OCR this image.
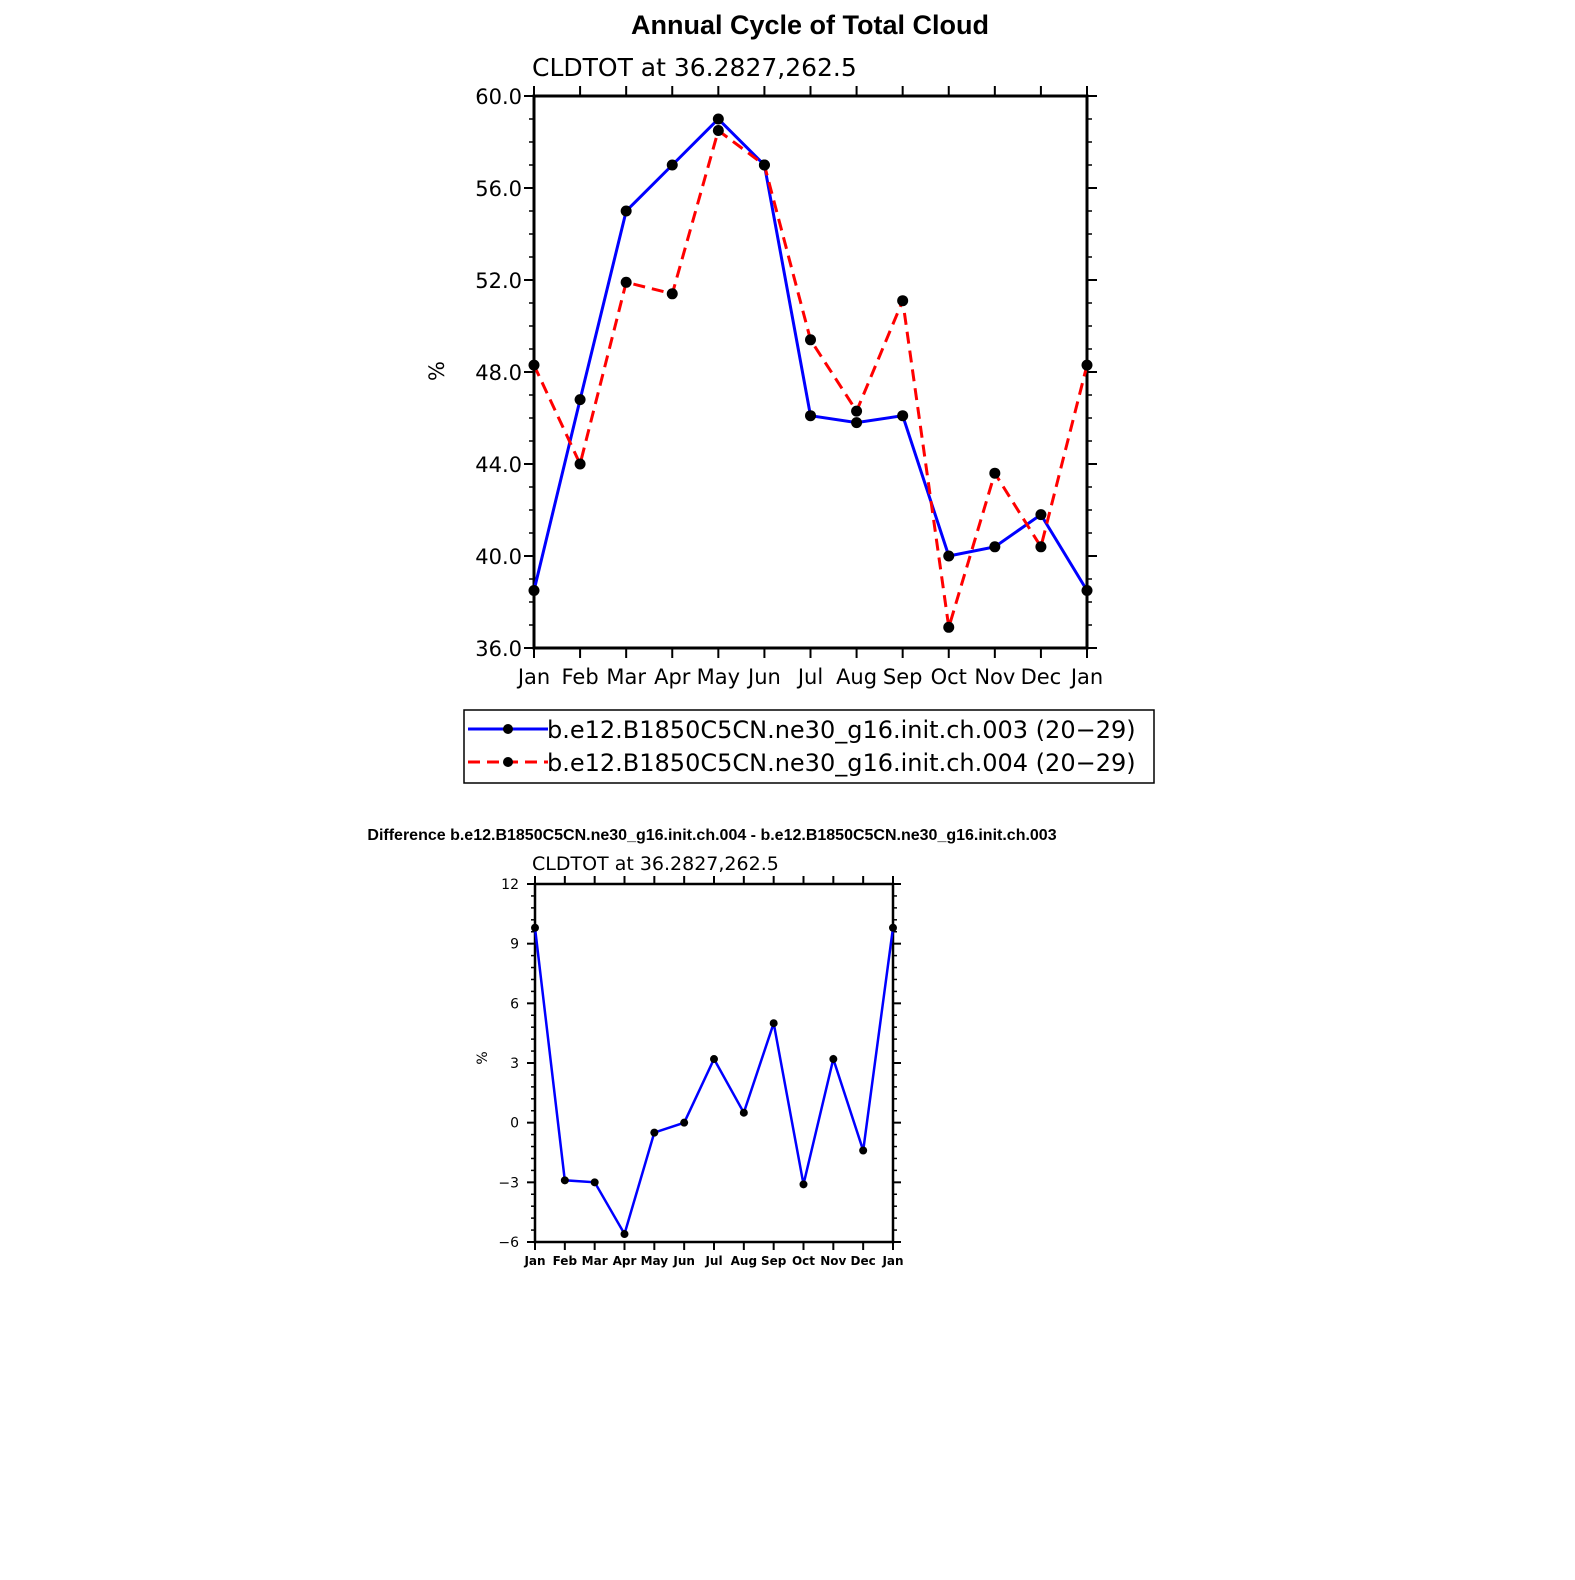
Annual Cycle of Total Cloud
CLDTOT at 36.2827,262.5
%
b.e12.B1850C5CN.ne30_g16.init.ch.003 (20−29)
b.e12.B1850C5CN.ne30_g16.init.ch.004 (20−29)
Difference b.e12.B1850C5CN.ne30_g16.init.ch.004 - b.e12.B1850C5CN.ne30_g16.init.ch.003
CLDTOT at 36.2827,262.5
%
36.0
40.0
44.0
48.0
52.0
56.0
60.0
Jan Feb Mar Apr May Jun Jul Aug Sep Oct Nov Dec Jan
−6
−3
0
3
6
9
12
Jan Feb Mar Apr May Jun Jul Aug Sep Oct Nov Dec Jan
